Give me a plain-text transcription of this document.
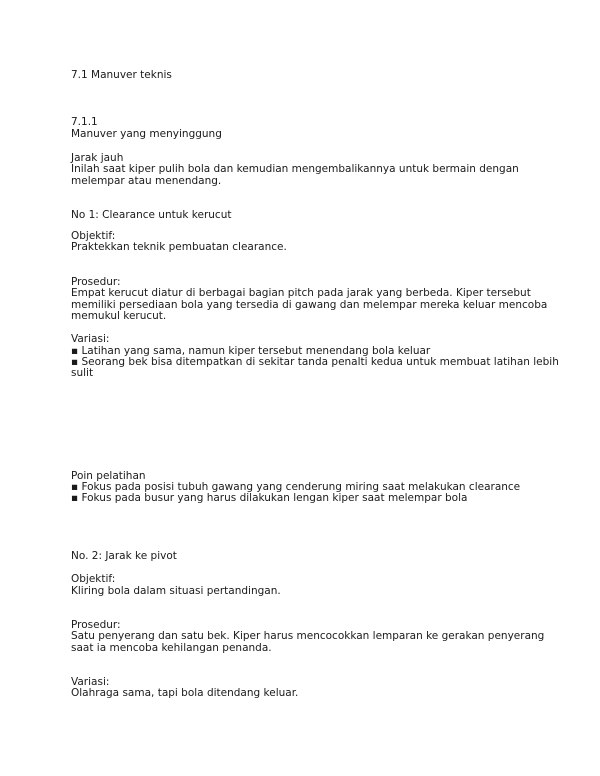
7.1 Manuver teknis
7.1.1
Manuver yang menyinggung
Jarak jauh
Inilah saat kiper pulih bola dan kemudian mengembalikannya untuk bermain dengan
melempar atau menendang.
No 1: Clearance untuk kerucut
Objektif:
Praktekkan teknik pembuatan clearance.
Prosedur:
Empat kerucut diatur di berbagai bagian pitch pada jarak yang berbeda. Kiper tersebut
memiliki persediaan bola yang tersedia di gawang dan melempar mereka keluar mencoba
memukul kerucut.
Variasi:
▪ Latihan yang sama, namun kiper tersebut menendang bola keluar
▪ Seorang bek bisa ditempatkan di sekitar tanda penalti kedua untuk membuat latihan lebih
sulit
Poin pelatihan
▪ Fokus pada posisi tubuh gawang yang cenderung miring saat melakukan clearance
▪ Fokus pada busur yang harus dilakukan lengan kiper saat melempar bola
No. 2: Jarak ke pivot
Objektif:
Kliring bola dalam situasi pertandingan.
Prosedur:
Satu penyerang dan satu bek. Kiper harus mencocokkan lemparan ke gerakan penyerang
saat ia mencoba kehilangan penanda.
Variasi:
Olahraga sama, tapi bola ditendang keluar.
